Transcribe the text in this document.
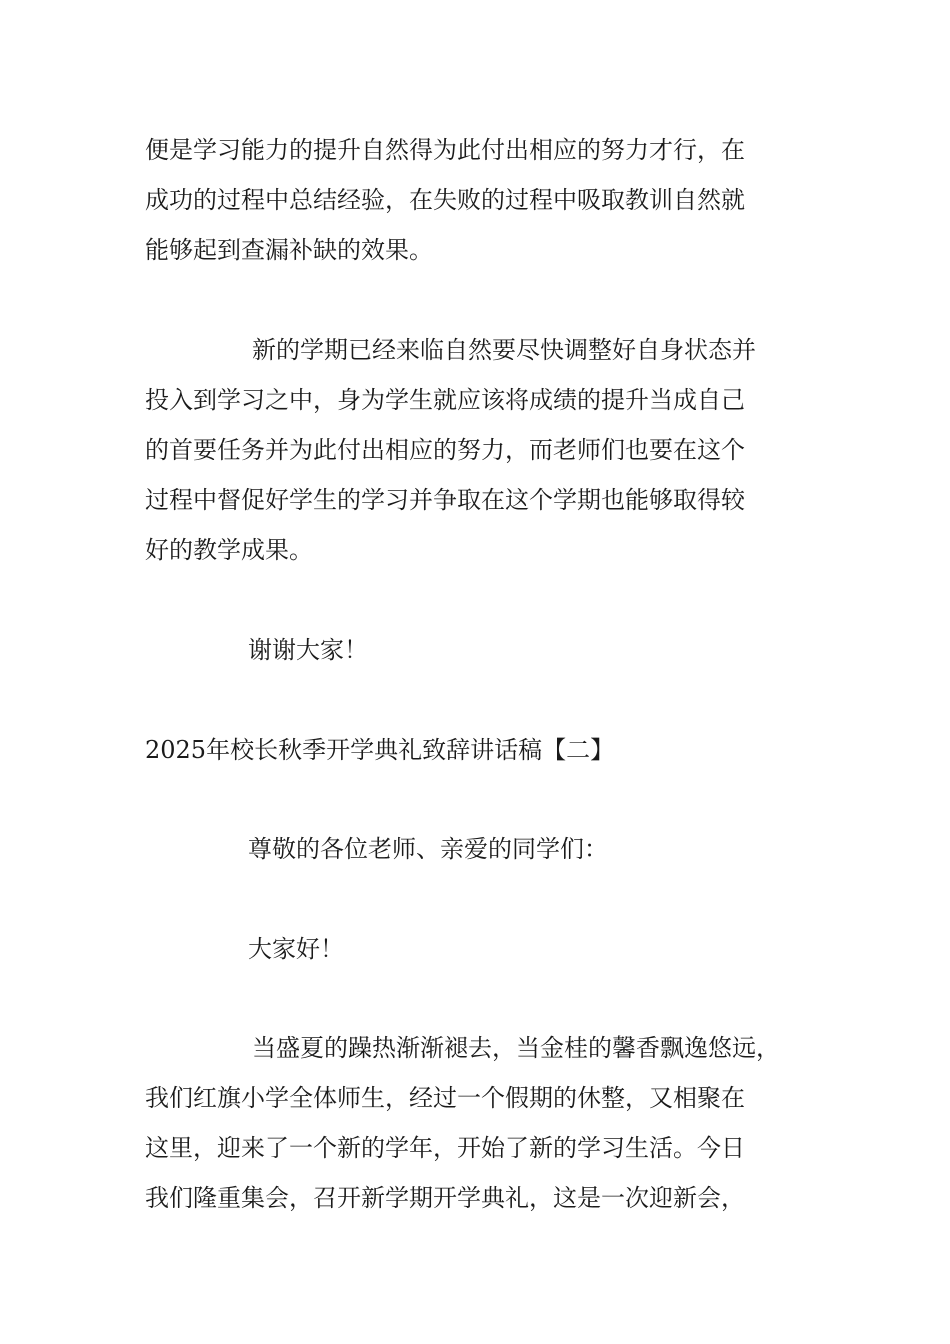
便是学习能力的提升自然得为此付出相应的努力才行，在
成功的过程中总结经验，在失败的过程中吸取教训自然就
能够起到查漏补缺的效果。
新的学期已经来临自然要尽快调整好自身状态并
投入到学习之中，身为学生就应该将成绩的提升当成自己
的首要任务并为此付出相应的努力，而老师们也要在这个
过程中督促好学生的学习并争取在这个学期也能够取得较
好的教学成果。
谢谢大家！
2025年校长秋季开学典礼致辞讲话稿【二】
尊敬的各位老师、亲爱的同学们：
大家好！
当盛夏的躁热渐渐褪去，当金桂的馨香飘逸悠远，
我们红旗小学全体师生，经过一个假期的休整，又相聚在
这里，迎来了一个新的学年，开始了新的学习生活。今日
我们隆重集会，召开新学期开学典礼，这是一次迎新会，
